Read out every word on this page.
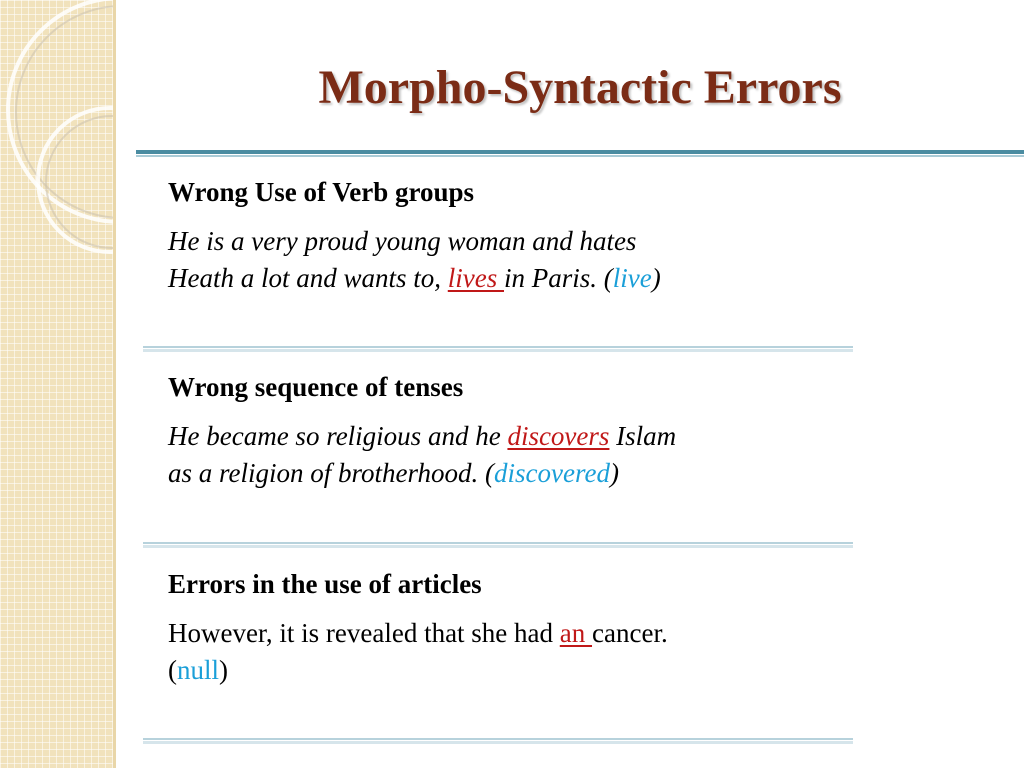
Morpho-Syntactic Errors
Wrong Use of Verb groups
He is a very proud young woman and hates
Heath a lot and wants to, lives in Paris. (live)
Wrong sequence of tenses
He became so religious and he discovers Islam
as a religion of brotherhood. (discovered)
Errors in the use of articles
However, it is revealed that she had an cancer.
(null)
